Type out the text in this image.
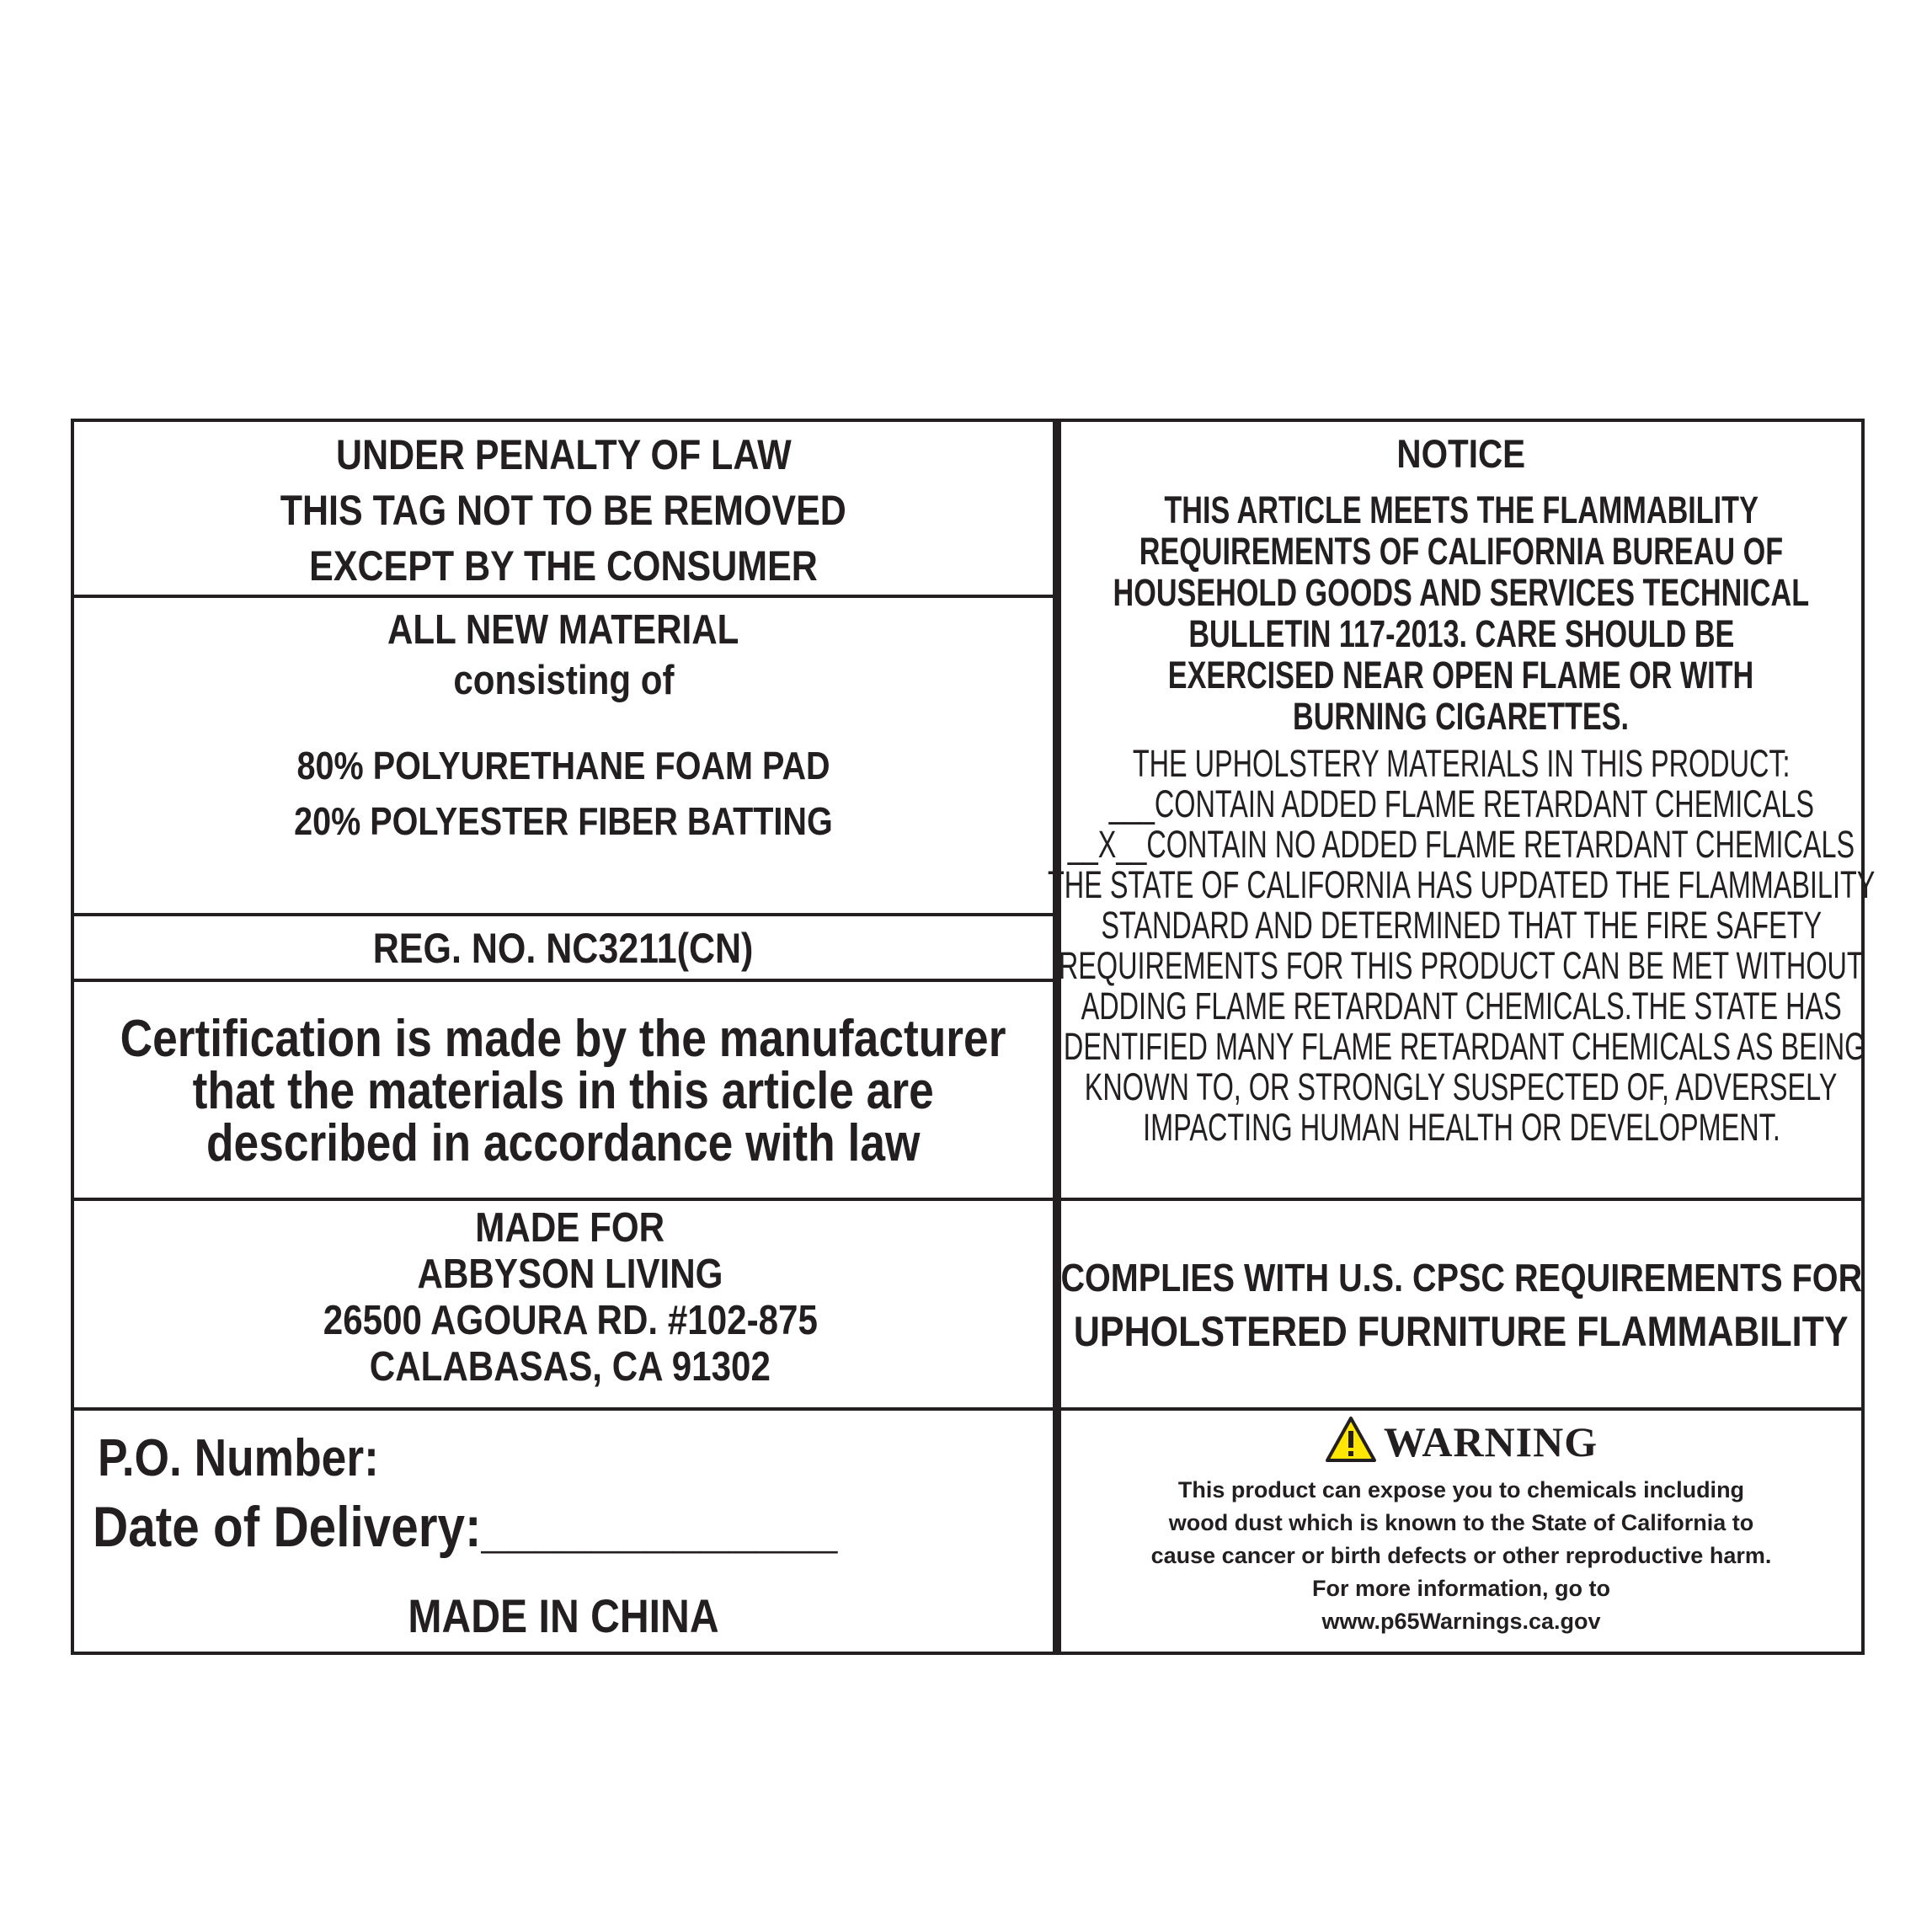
UNDER PENALTY OF LAW
THIS TAG NOT TO BE REMOVED
EXCEPT BY THE CONSUMER
ALL NEW MATERIAL
consisting of
80% POLYURETHANE FOAM PAD
20% POLYESTER FIBER BATTING
REG. NO. NC3211(CN)
Certification is made by the manufacturer
that the materials in this article are
described in accordance with law
MADE FOR
ABBYSON LIVING
26500 AGOURA RD. #102-875
CALABASAS, CA 91302
P.O. Number:
Date of Delivery:_____________
MADE IN CHINA
NOTICE
THIS ARTICLE MEETS THE FLAMMABILITY
REQUIREMENTS OF CALIFORNIA BUREAU OF
HOUSEHOLD GOODS AND SERVICES TECHNICAL
BULLETIN 117-2013. CARE SHOULD BE
EXERCISED NEAR OPEN FLAME OR WITH
BURNING CIGARETTES.
THE UPHOLSTERY MATERIALS IN THIS PRODUCT:
___CONTAIN ADDED FLAME RETARDANT CHEMICALS
__X__CONTAIN NO ADDED FLAME RETARDANT CHEMICALS
THE STATE OF CALIFORNIA HAS UPDATED THE FLAMMABILITY
STANDARD AND DETERMINED THAT THE FIRE SAFETY
REQUIREMENTS FOR THIS PRODUCT CAN BE MET WITHOUT
ADDING FLAME RETARDANT CHEMICALS.THE STATE HAS
IDENTIFIED MANY FLAME RETARDANT CHEMICALS AS BEING
KNOWN TO, OR STRONGLY SUSPECTED OF, ADVERSELY
IMPACTING HUMAN HEALTH OR DEVELOPMENT.
COMPLIES WITH U.S. CPSC REQUIREMENTS FOR
UPHOLSTERED FURNITURE FLAMMABILITY
WARNING
This product can expose you to chemicals including
wood dust which is known to the State of California to
cause cancer or birth defects or other reproductive harm.
For more information, go to
www.p65Warnings.ca.gov
